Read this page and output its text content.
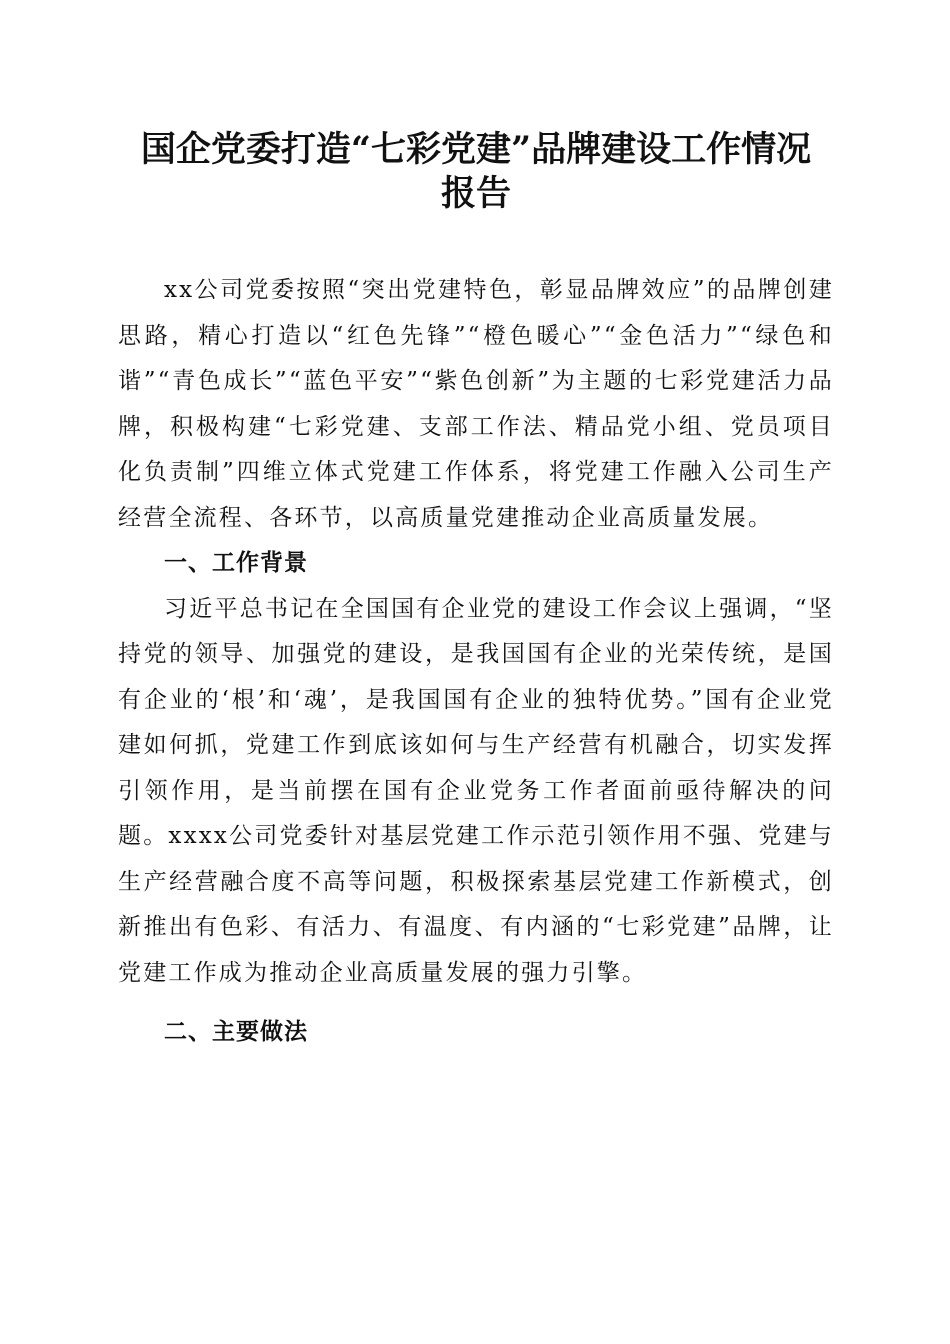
国企党委打造“七彩党建”品牌建设工作情况
报告

xx公司党委按照“突出党建特色，彰显品牌效应”的品牌创建思路，精心打造以“红色先锋”“橙色暖心”“金色活力”“绿色和谐”“青色成长”“蓝色平安”“紫色创新”为主题的七彩党建活力品牌，积极构建“七彩党建、支部工作法、精品党小组、党员项目化负责制”四维立体式党建工作体系，将党建工作融入公司生产经营全流程、各环节，以高质量党建推动企业高质量发展。

一、工作背景

习近平总书记在全国国有企业党的建设工作会议上强调，“坚持党的领导、加强党的建设，是我国国有企业的光荣传统，是国有企业的‘根’和‘魂’，是我国国有企业的独特优势。”国有企业党建如何抓，党建工作到底该如何与生产经营有机融合，切实发挥引领作用，是当前摆在国有企业党务工作者面前亟待解决的问题。xxxx公司党委针对基层党建工作示范引领作用不强、党建与生产经营融合度不高等问题，积极探索基层党建工作新模式，创新推出有色彩、有活力、有温度、有内涵的“七彩党建”品牌，让党建工作成为推动企业高质量发展的强力引擎。

二、主要做法
